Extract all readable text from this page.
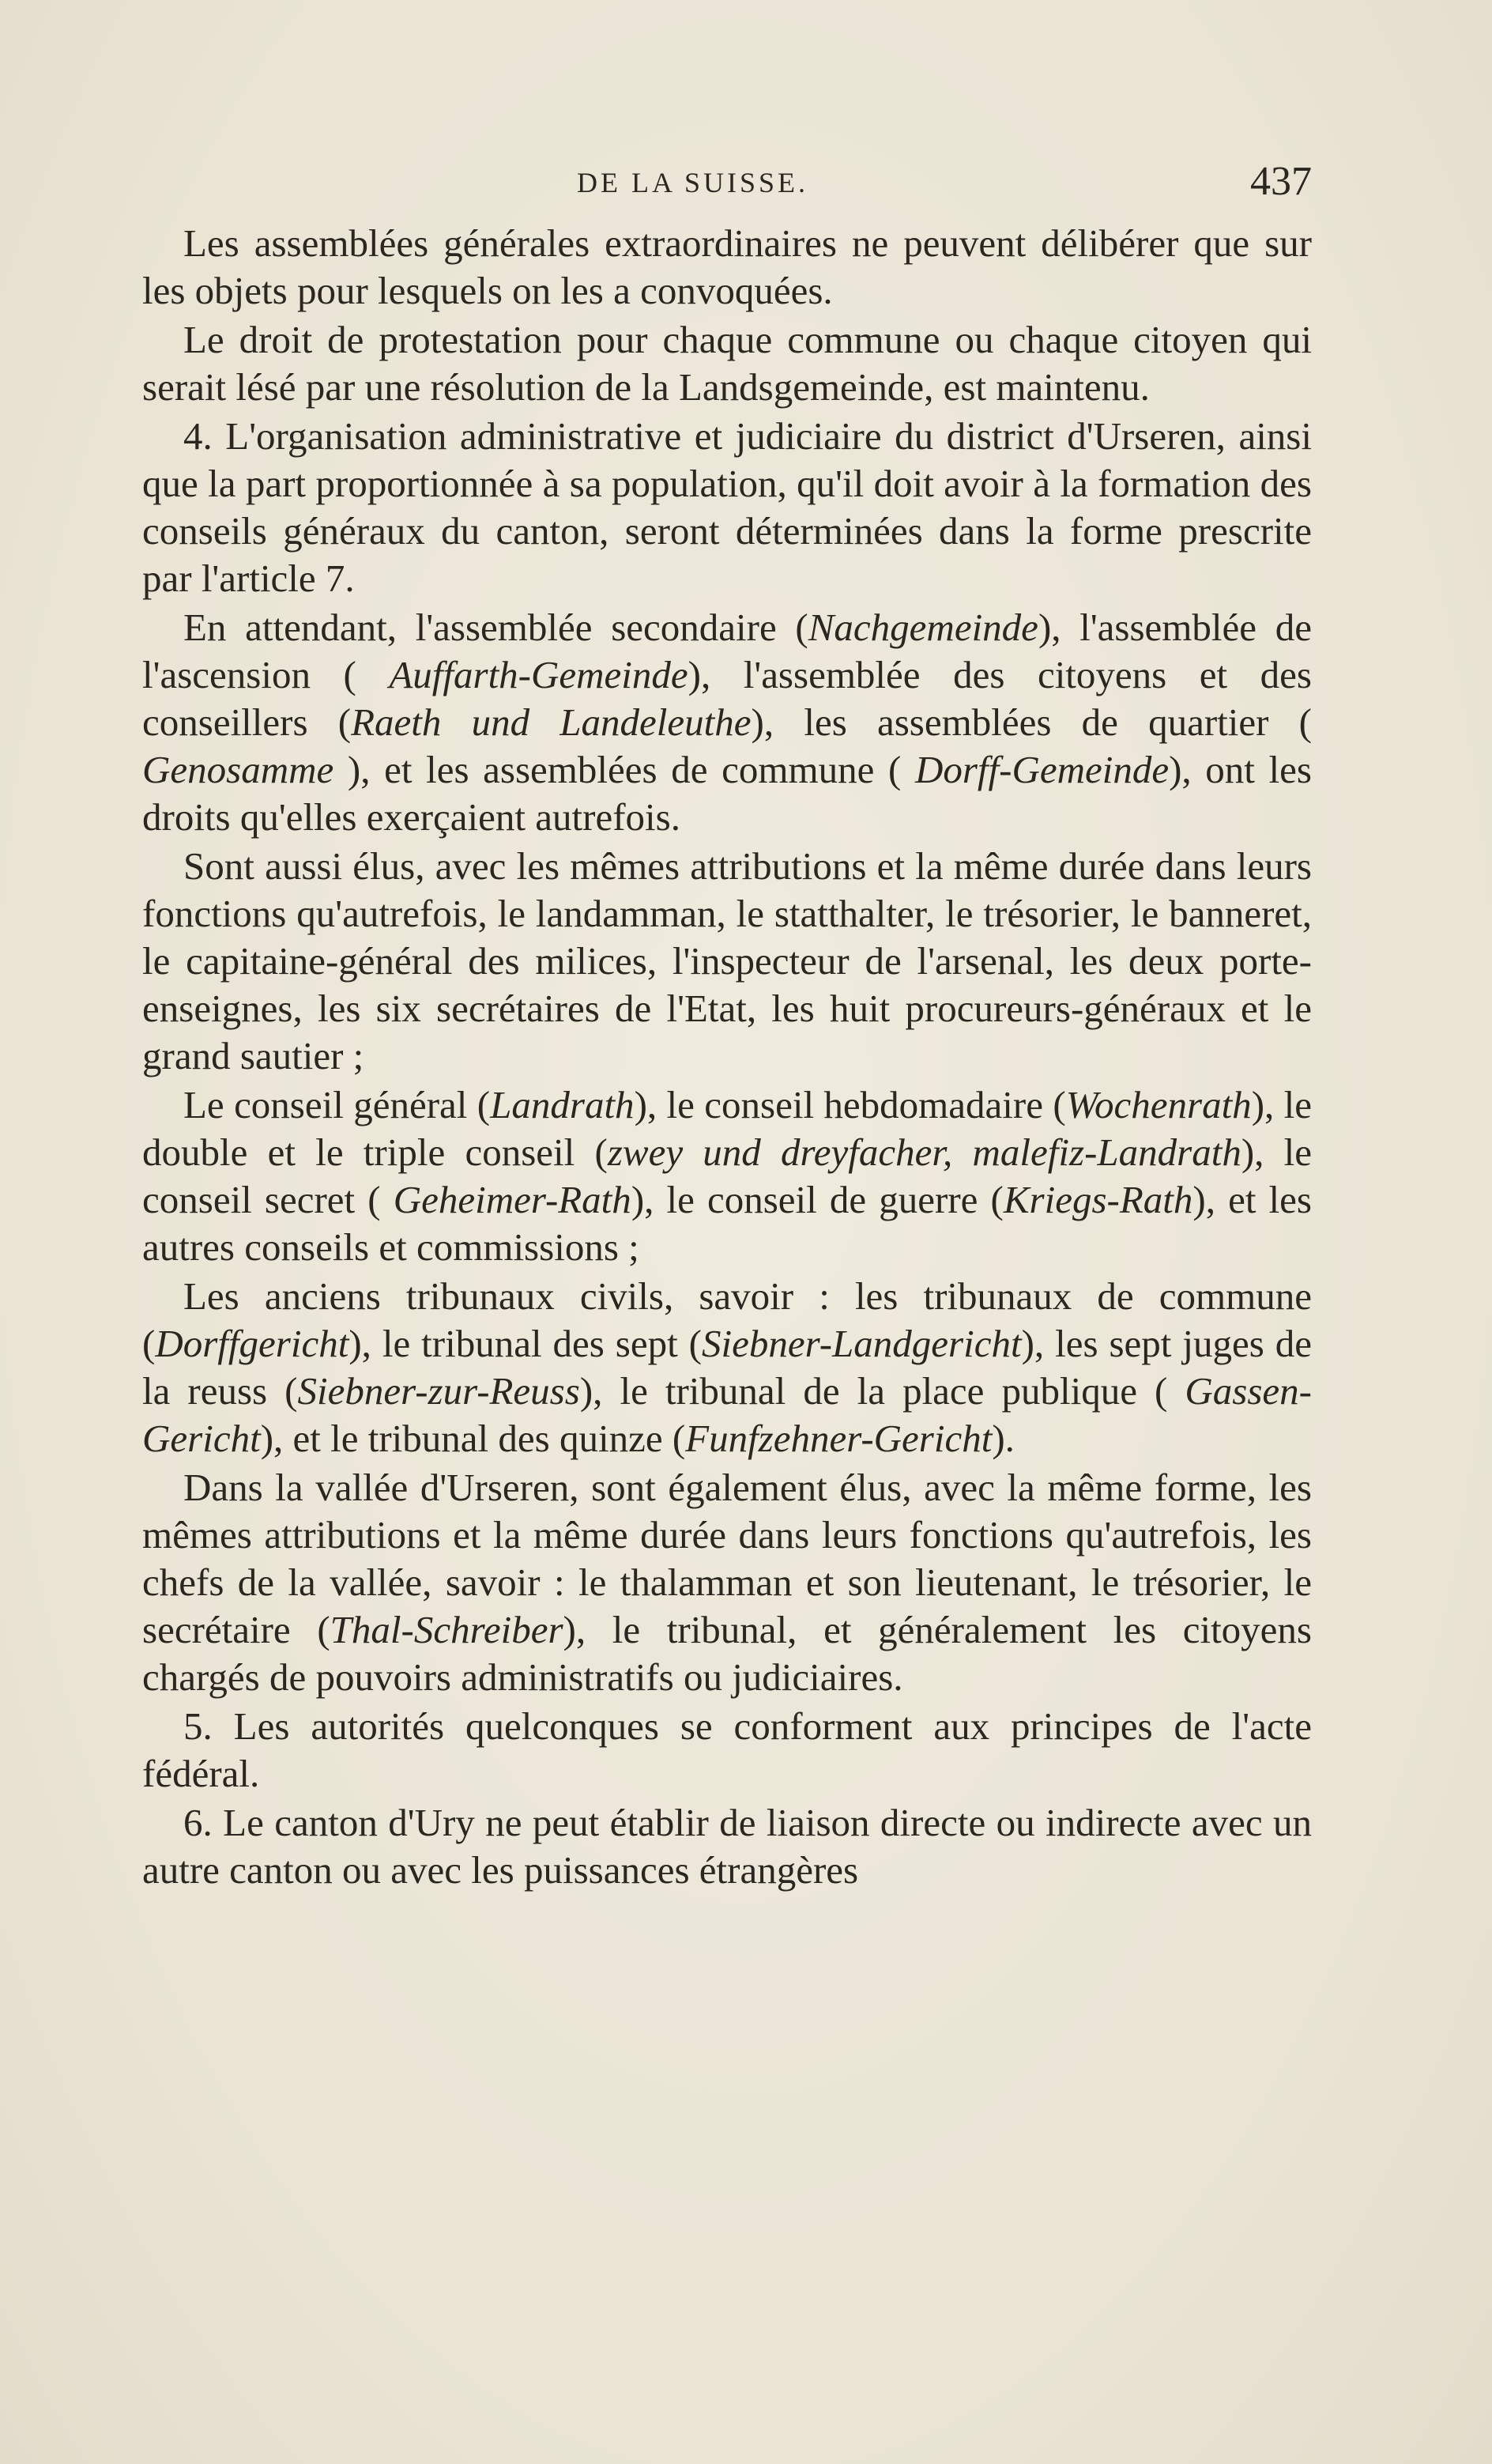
DE LA SUISSE.	437

Les assemblées générales extraordinaires ne peuvent délibérer que sur les objets pour lesquels on les a convoquées.

Le droit de protestation pour chaque commune ou chaque citoyen qui serait lésé par une résolution de la Landsgemeinde, est maintenu.

4. L'organisation administrative et judiciaire du district d'Urseren, ainsi que la part proportionnée à sa population, qu'il doit avoir à la formation des conseils généraux du canton, seront déterminées dans la forme prescrite par l'article 7.

En attendant, l'assemblée secondaire (Nachgemeinde), l'assemblée de l'ascension ( Auffarth-Gemeinde), l'assemblée des citoyens et des conseillers (Raeth und Landeleuthe), les assemblées de quartier ( Genosamme ), et les assemblées de commune ( Dorff-Gemeinde), ont les droits qu'elles exerçaient autrefois.

Sont aussi élus, avec les mêmes attributions et la même durée dans leurs fonctions qu'autrefois, le landamman, le statthalter, le trésorier, le banneret, le capitaine-général des milices, l'inspecteur de l'arsenal, les deux porte-enseignes, les six secrétaires de l'Etat, les huit procureurs-généraux et le grand sautier ;

Le conseil général (Landrath), le conseil hebdomadaire (Wochenrath), le double et le triple conseil (zwey und dreyfacher, malefiz-Landrath), le conseil secret ( Geheimer-Rath), le conseil de guerre (Kriegs-Rath), et les autres conseils et commissions ;

Les anciens tribunaux civils, savoir : les tribunaux de commune (Dorffgericht), le tribunal des sept (Siebner-Landgericht), les sept juges de la reuss (Siebner-zur-Reuss), le tribunal de la place publique ( Gassen-Gericht), et le tribunal des quinze (Funfzehner-Gericht).

Dans la vallée d'Urseren, sont également élus, avec la même forme, les mêmes attributions et la même durée dans leurs fonctions qu'autrefois, les chefs de la vallée, savoir : le thalamman et son lieutenant, le trésorier, le secrétaire (Thal-Schreiber), le tribunal, et généralement les citoyens chargés de pouvoirs administratifs ou judiciaires.

5. Les autorités quelconques se conforment aux principes de l'acte fédéral.

6. Le canton d'Ury ne peut établir de liaison directe ou indirecte avec un autre canton ou avec les puissances étrangères
